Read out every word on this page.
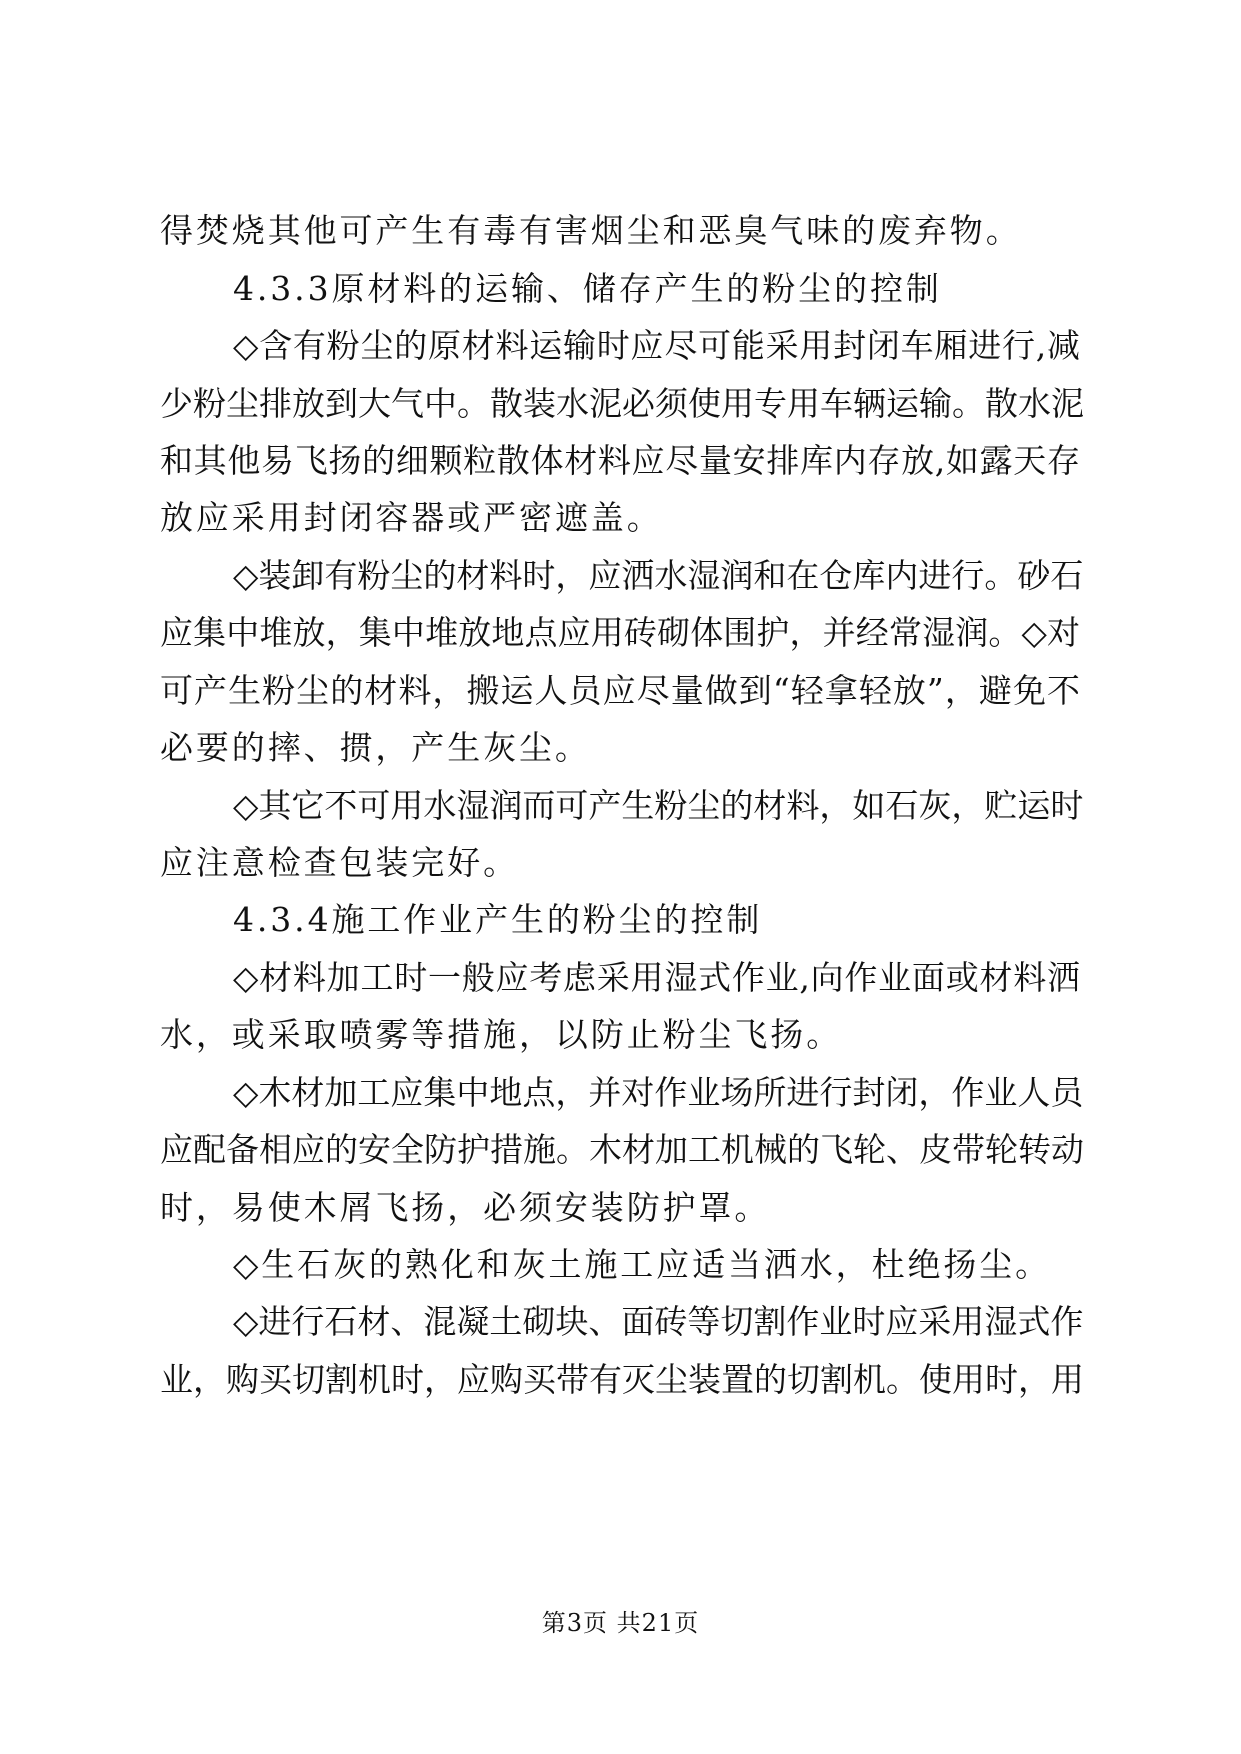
得焚烧其他可产生有毒有害烟尘和恶臭气味的废弃物。
4.3.3原材料的运输、储存产生的粉尘的控制
◇含有粉尘的原材料运输时应尽可能采用封闭车厢进行,减
少粉尘排放到大气中。散装水泥必须使用专用车辆运输。散水泥
和其他易飞扬的细颗粒散体材料应尽量安排库内存放,如露天存
放应采用封闭容器或严密遮盖。
◇装卸有粉尘的材料时，应洒水湿润和在仓库内进行。砂石
应集中堆放，集中堆放地点应用砖砌体围护，并经常湿润。◇对
可产生粉尘的材料，搬运人员应尽量做到“轻拿轻放”，避免不
必要的摔、掼，产生灰尘。
◇其它不可用水湿润而可产生粉尘的材料，如石灰，贮运时
应注意检查包装完好。
4.3.4施工作业产生的粉尘的控制
◇材料加工时一般应考虑采用湿式作业,向作业面或材料洒
水，或采取喷雾等措施，以防止粉尘飞扬。
◇木材加工应集中地点，并对作业场所进行封闭，作业人员
应配备相应的安全防护措施。木材加工机械的飞轮、皮带轮转动
时，易使木屑飞扬，必须安装防护罩。
◇生石灰的熟化和灰土施工应适当洒水，杜绝扬尘。
◇进行石材、混凝土砌块、面砖等切割作业时应采用湿式作
业，购买切割机时，应购买带有灭尘装置的切割机。使用时，用
第3页 共21页
